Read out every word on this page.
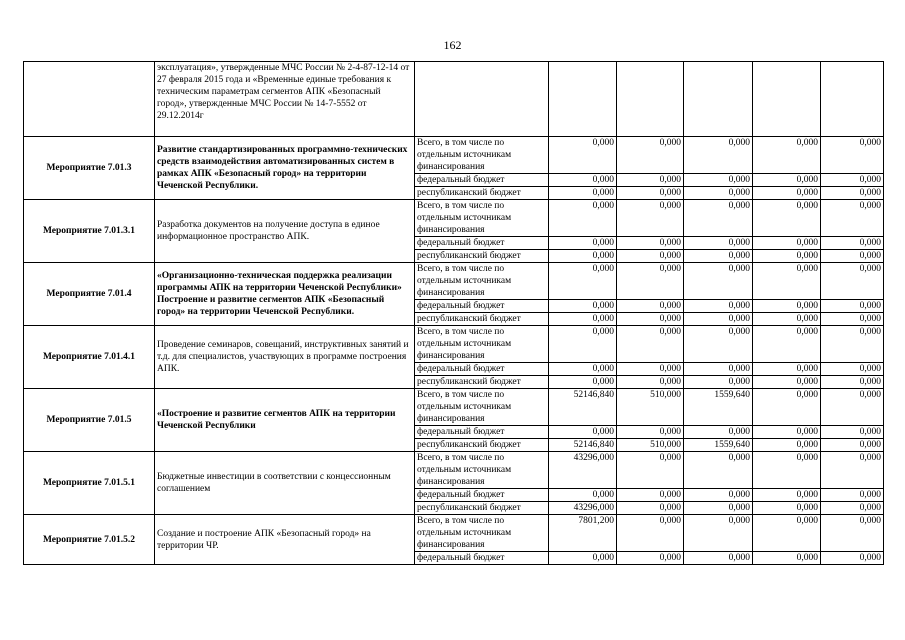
162
	эксплуатация», утвержденные МЧС России № 2-4-87-12-14 от 27 февраля 2015 года и «Временные единые требования к техническим параметрам сегментов АПК «Безопасный город», утвержденные МЧС России № 14-7-5552 от 29.12.2014г						
Мероприятие 7.01.3	Развитие стандартизированных программно-технических средств взаимодействия автоматизированных систем в рамках АПК «Безопасный город» на территории Чеченской Республики.	Всего, в том числе по отдельным источникам финансирования	0,000	0,000	0,000	0,000	0,000
		федеральный бюджет	0,000	0,000	0,000	0,000	0,000
		республиканский бюджет	0,000	0,000	0,000	0,000	0,000
Мероприятие 7.01.3.1	Разработка документов на получение доступа в единое информационное пространство АПК.	Всего, в том числе по отдельным источникам финансирования	0,000	0,000	0,000	0,000	0,000
		федеральный бюджет	0,000	0,000	0,000	0,000	0,000
		республиканский бюджет	0,000	0,000	0,000	0,000	0,000
Мероприятие 7.01.4	«Организационно-техническая поддержка реализации программы АПК на территории Чеченской Республики» Построение и развитие сегментов АПК «Безопасный город» на территории Чеченской Республики.	Всего, в том числе по отдельным источникам финансирования	0,000	0,000	0,000	0,000	0,000
		федеральный бюджет	0,000	0,000	0,000	0,000	0,000
		республиканский бюджет	0,000	0,000	0,000	0,000	0,000
Мероприятие 7.01.4.1	Проведение семинаров, совещаний, инструктивных занятий и т.д. для специалистов, участвующих в программе построения АПК.	Всего, в том числе по отдельным источникам финансирования	0,000	0,000	0,000	0,000	0,000
		федеральный бюджет	0,000	0,000	0,000	0,000	0,000
		республиканский бюджет	0,000	0,000	0,000	0,000	0,000
Мероприятие 7.01.5	«Построение и развитие сегментов АПК на территории Чеченской Республики	Всего, в том числе по отдельным источникам финансирования	52146,840	510,000	1559,640	0,000	0,000
		федеральный бюджет	0,000	0,000	0,000	0,000	0,000
		республиканский бюджет	52146,840	510,000	1559,640	0,000	0,000
Мероприятие 7.01.5.1	Бюджетные инвестиции в соответствии с концессионным соглашением	Всего, в том числе по отдельным источникам финансирования	43296,000	0,000	0,000	0,000	0,000
		федеральный бюджет	0,000	0,000	0,000	0,000	0,000
		республиканский бюджет	43296,000	0,000	0,000	0,000	0,000
Мероприятие 7.01.5.2	Создание и построение АПК «Безопасный город» на территории ЧР.	Всего, в том числе по отдельным источникам финансирования	7801,200	0,000	0,000	0,000	0,000
		федеральный бюджет	0,000	0,000	0,000	0,000	0,000
